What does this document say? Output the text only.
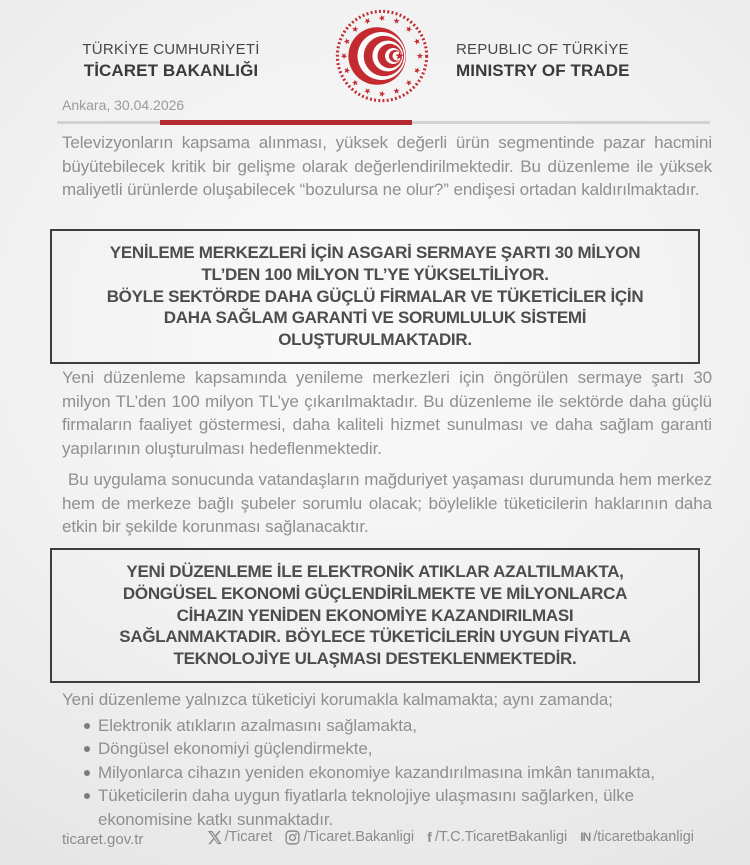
TÜRKİYE CUMHURİYETİ
TİCARET BAKANLIĞI
REPUBLIC OF TÜRKİYE
MINISTRY OF TRADE
Ankara, 30.04.2026

Televizyonların kapsama alınması, yüksek değerli ürün segmentinde pazar hacmini büyütebilecek kritik bir gelişme olarak değerlendirilmektedir. Bu düzenleme ile yüksek maliyetli ürünlerde oluşabilecek “bozulursa ne olur?” endişesi ortadan kaldırılmaktadır.

YENİLEME MERKEZLERİ İÇİN ASGARİ SERMAYE ŞARTI 30 MİLYON
TL’DEN 100 MİLYON TL’YE YÜKSELTİLİYOR.
BÖYLE SEKTÖRDE DAHA GÜÇLÜ FİRMALAR VE TÜKETİCİLER İÇİN
DAHA SAĞLAM GARANTİ VE SORUMLULUK SİSTEMİ
OLUŞTURULMAKTADIR.

Yeni düzenleme kapsamında yenileme merkezleri için öngörülen sermaye şartı 30 milyon TL’den 100 milyon TL’ye çıkarılmaktadır. Bu düzenleme ile sektörde daha güçlü firmaların faaliyet göstermesi, daha kaliteli hizmet sunulması ve daha sağlam garanti yapılarının oluşturulması hedeflenmektedir.

Bu uygulama sonucunda vatandaşların mağduriyet yaşaması durumunda hem merkez hem de merkeze bağlı şubeler sorumlu olacak; böylelikle tüketicilerin haklarının daha etkin bir şekilde korunması sağlanacaktır.

YENİ DÜZENLEME İLE ELEKTRONİK ATIKLAR AZALTILMAKTA,
DÖNGÜSEL EKONOMİ GÜÇLENDİRİLMEKTE VE MİLYONLARCA
CİHAZIN YENİDEN EKONOMİYE KAZANDIRILMASI
SAĞLANMAKTADIR. BÖYLECE TÜKETİCİLERİN UYGUN FİYATLA
TEKNOLOJİYE ULAŞMASI DESTEKLENMEKTEDİR.
Yeni düzenleme yalnızca tüketiciyi korumakla kalmamakta; aynı zamanda;
Elektronik atıkların azalmasını sağlamakta,
Döngüsel ekonomiyi güçlendirmekte,
Milyonlarca cihazın yeniden ekonomiye kazandırılmasına imkân tanımakta,
Tüketicilerin daha uygun fiyatlarla teknolojiye ulaşmasını sağlarken, ülke ekonomisine katkı sunmaktadır.
ticaret.gov.tr	/Ticaret /Ticaret.Bakanligi f /T.C.TicaretBakanligi IN /ticaretbakanligi
